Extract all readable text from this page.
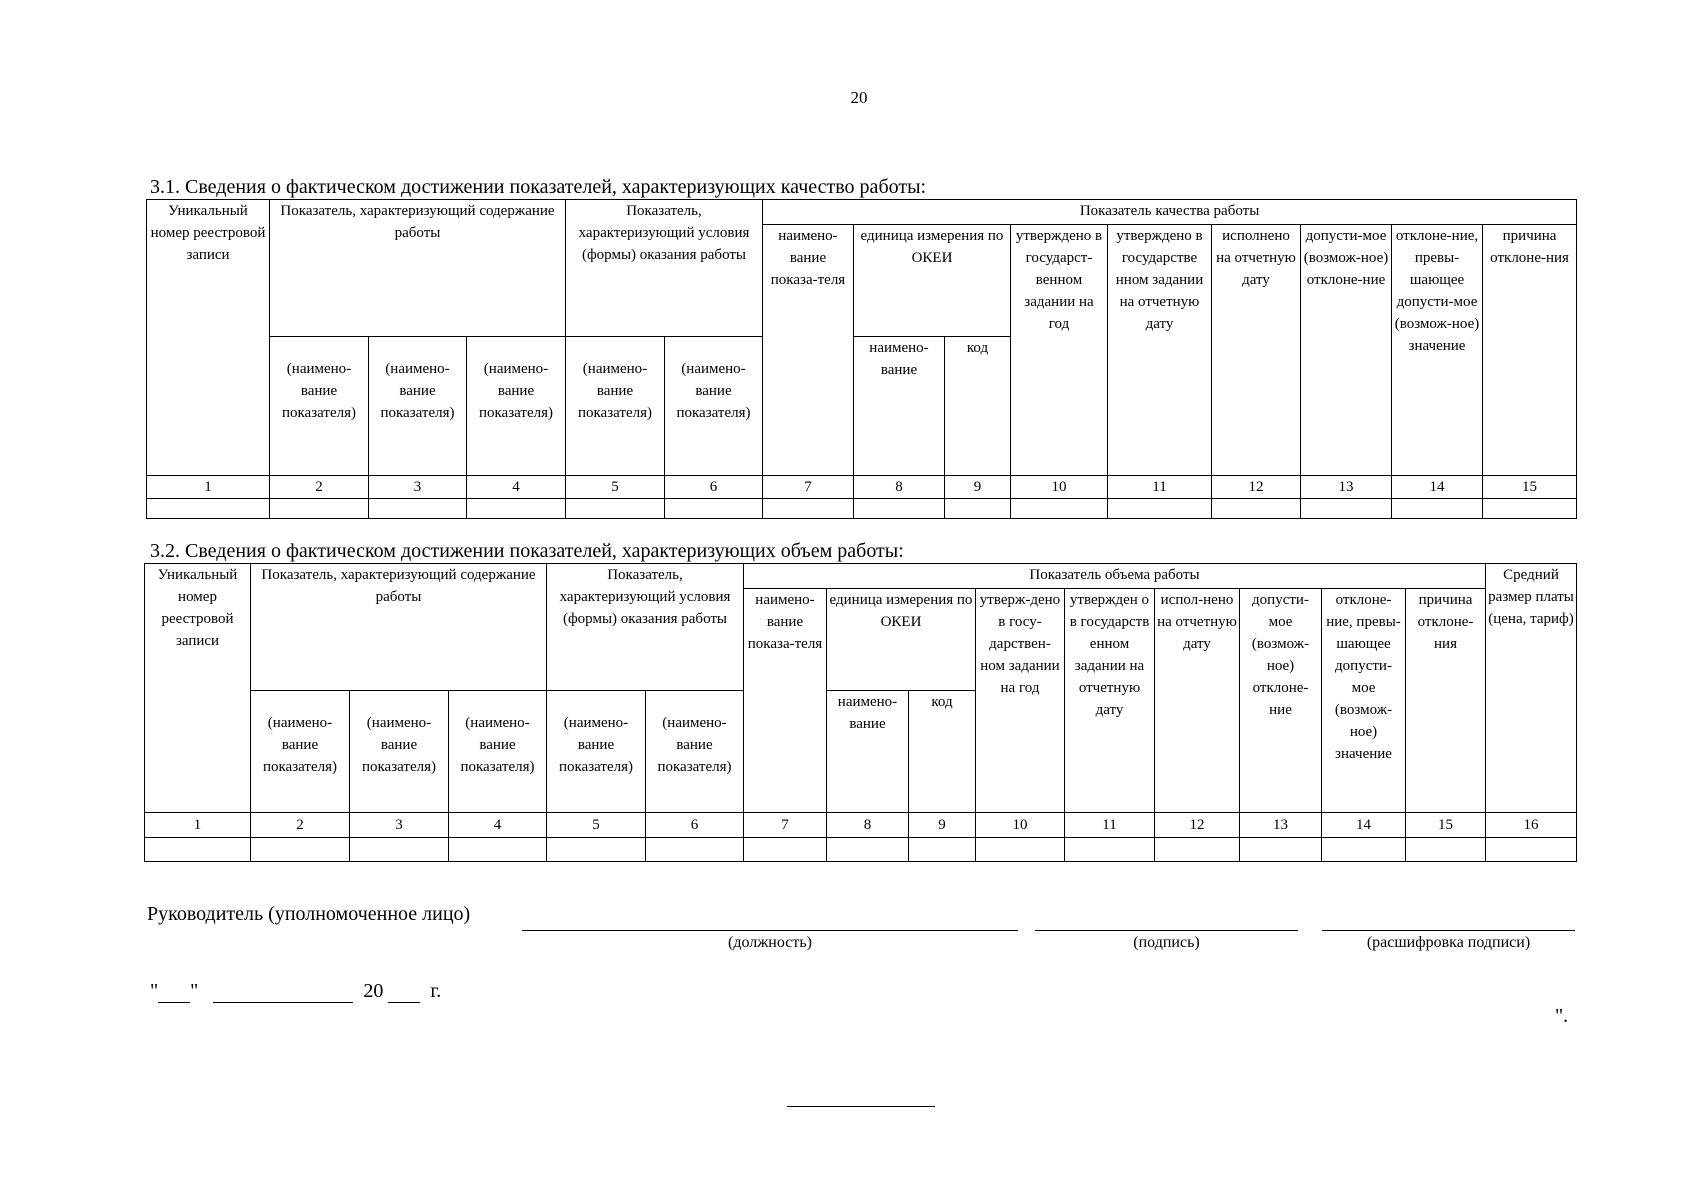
20
3.1. Сведения о фактическом достижении показателей, характеризующих качество работы:
Уникальный номер реестровой записи	Показатель, характеризующий содержание работы			Показатель, характеризующий условия (формы) оказания работы		Показатель качества работы								
						наимено-вание показа-теля	единица измерения по ОКЕИ		утверждено в государст-венном задании на год	утверждено в государстве нном задании на отчетную дату	исполнено на отчетную дату	допусти-мое (возмож-ное) отклоне-ние	отклоне-ние, превы-шающее допусти-мое (возмож-ное) значение	причина отклоне-ния
	(наимено-вание показателя)	(наимено-вание показателя)	(наимено-вание показателя)	(наимено-вание показателя)	(наимено-вание показателя)		наимено-вание	код						

1	2	3	4	5	6	7	8	9	10	11	12	13	14	15

3.2. Сведения о фактическом достижении показателей, характеризующих объем работы:
Уникальный номер реестровой записи	Показатель, характеризующий содержание работы			Показатель, характеризующий условия (формы) оказания работы		Показатель объема работы									Средний размер платы (цена, тариф)
						наимено-вание показа-теля	единица измерения по ОКЕИ		утверж-дено в госу-дарствен-ном задании на год	утвержден о в государств енном задании на отчетную дату	испол-нено на отчетную дату	допусти-мое (возмож-ное) отклоне-ние	отклоне-ние, превы-шающее допусти-мое (возмож-ное) значение	причина отклоне-ния	
	(наимено-вание показателя)	(наимено-вание показателя)	(наимено-вание показателя)	(наимено-вание показателя)	(наимено-вание показателя)		наимено-вание	код							

1	2	3	4	5	6	7	8	9	10	11	12	13	14	15	16

Руководитель (уполномоченное лицо)
(должность)	(подпись)	(расшифровка подписи)
" "	20 г.
".
